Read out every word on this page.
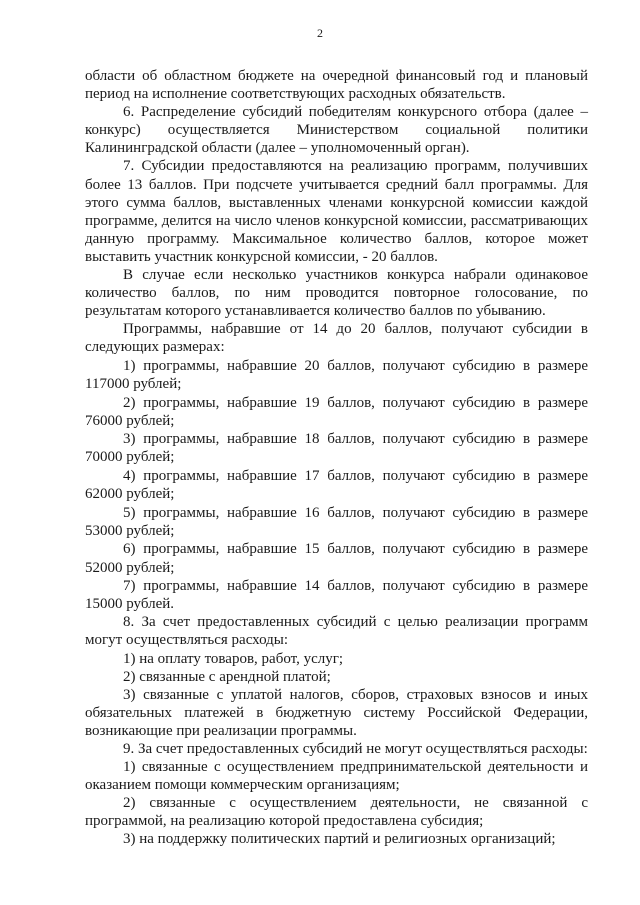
2

области об областном бюджете на очередной финансовый год и плановый период на исполнение соответствующих расходных обязательств.

6. Распределение субсидий победителям конкурсного отбора (далее – конкурс) осуществляется Министерством социальной политики Калининградской области (далее – уполномоченный орган).

7. Субсидии предоставляются на реализацию программ, получивших более 13 баллов. При подсчете учитывается средний балл программы. Для этого сумма баллов, выставленных членами конкурсной комиссии каждой программе, делится на число членов конкурсной комиссии, рассматривающих данную программу. Максимальное количество баллов, которое может выставить участник конкурсной комиссии, - 20 баллов.

В случае если несколько участников конкурса набрали одинаковое количество баллов, по ним проводится повторное голосование, по результатам которого устанавливается количество баллов по убыванию.

Программы, набравшие от 14 до 20 баллов, получают субсидии в следующих размерах:

1) программы, набравшие 20 баллов, получают субсидию в размере 117000 рублей;

2) программы, набравшие 19 баллов, получают субсидию в размере 76000 рублей;

3) программы, набравшие 18 баллов, получают субсидию в размере 70000 рублей;

4) программы, набравшие 17 баллов, получают субсидию в размере 62000 рублей;

5) программы, набравшие 16 баллов, получают субсидию в размере 53000 рублей;

6) программы, набравшие 15 баллов, получают субсидию в размере 52000 рублей;

7) программы, набравшие 14 баллов, получают субсидию в размере 15000 рублей.

8. За счет предоставленных субсидий с целью реализации программ могут осуществляться расходы:

1) на оплату товаров, работ, услуг;

2) связанные с арендной платой;

3) связанные с уплатой налогов, сборов, страховых взносов и иных обязательных платежей в бюджетную систему Российской Федерации, возникающие при реализации программы.

9. За счет предоставленных субсидий не могут осуществляться расходы:

1) связанные с осуществлением предпринимательской деятельности и оказанием помощи коммерческим организациям;

2) связанные с осуществлением деятельности, не связанной с программой, на реализацию которой предоставлена субсидия;

3) на поддержку политических партий и религиозных организаций;
